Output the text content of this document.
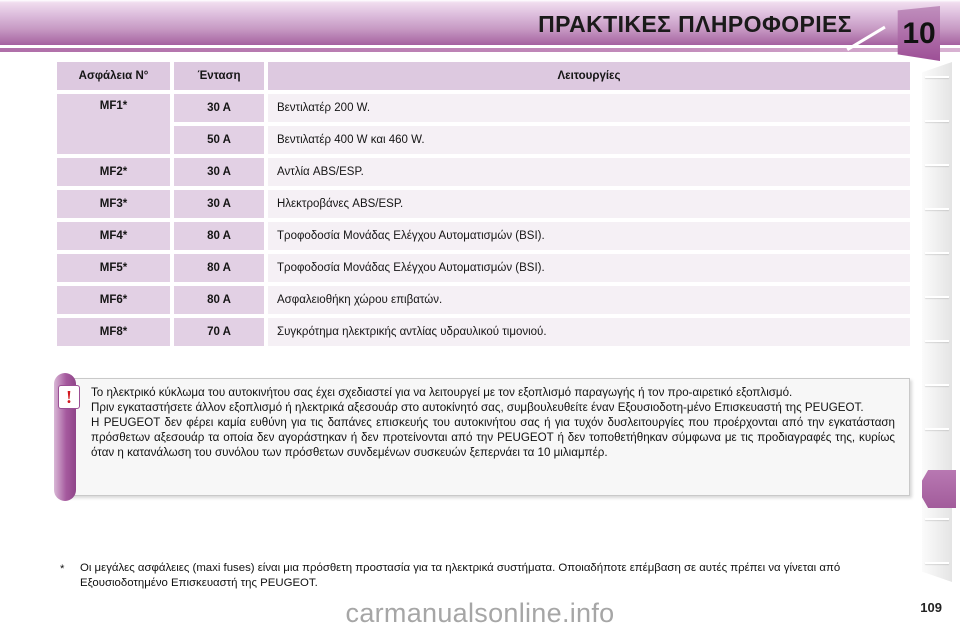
ΠΡΑΚΤΙΚΕΣ ΠΛΗΡΟΦΟΡΙΕΣ	10
Ασφάλεια N°	Ένταση	Λειτουργίες
MF1*	30 A	Βεντιλατέρ 200 W.
50 A	Βεντιλατέρ 400 W και 460 W.
MF2*	30 A	Αντλία ABS/ESP.
MF3*	30 A	Ηλεκτροβάνες ABS/ESP.
MF4*	80 A	Τροφοδοσία Μονάδας Ελέγχου Αυτοματισμών (BSI).
MF5*	80 A	Τροφοδοσία Μονάδας Ελέγχου Αυτοματισμών (BSI).
MF6*	80 A	Ασφαλειοθήκη χώρου επιβατών.
MF8*	70 A	Συγκρότημα ηλεκτρικής αντλίας υδραυλικού τιμονιού.
!	Το ηλεκτρικό κύκλωμα του αυτοκινήτου σας έχει σχεδιαστεί για να λειτουργεί με τον εξοπλισμό παραγωγής ή τον προ-αιρετικό εξοπλισμό.

Πριν εγκαταστήσετε άλλον εξοπλισμό ή ηλεκτρικά αξεσουάρ στο αυτοκίνητό σας, συμβουλευθείτε έναν Εξουσιοδοτη-μένο Επισκευαστή της PEUGEOT.

Η PEUGEOT δεν φέρει καμία ευθύνη για τις δαπάνες επισκευής του αυτοκινήτου σας ή για τυχόν δυσλειτουργίες που προέρχονται από την εγκατάσταση πρόσθετων αξεσουάρ τα οποία δεν αγοράστηκαν ή δεν προτείνονται από την PEUGEOT ή δεν τοποθετήθηκαν σύμφωνα με τις προδιαγραφές της, κυρίως όταν η κατανάλωση του συνόλου των πρόσθετων συνδεμένων συσκευών ξεπερνάει τα 10 μιλιαμπέρ.

*	Οι μεγάλες ασφάλειες (maxi fuses) είναι μια πρόσθετη προστασία για τα ηλεκτρικά συστήματα. Οποιαδήποτε επέμβαση σε αυτές πρέπει να γίνεται από Εξουσιοδοτημένο Επισκευαστή της PEUGEOT.
109
carmanualsonline.info
